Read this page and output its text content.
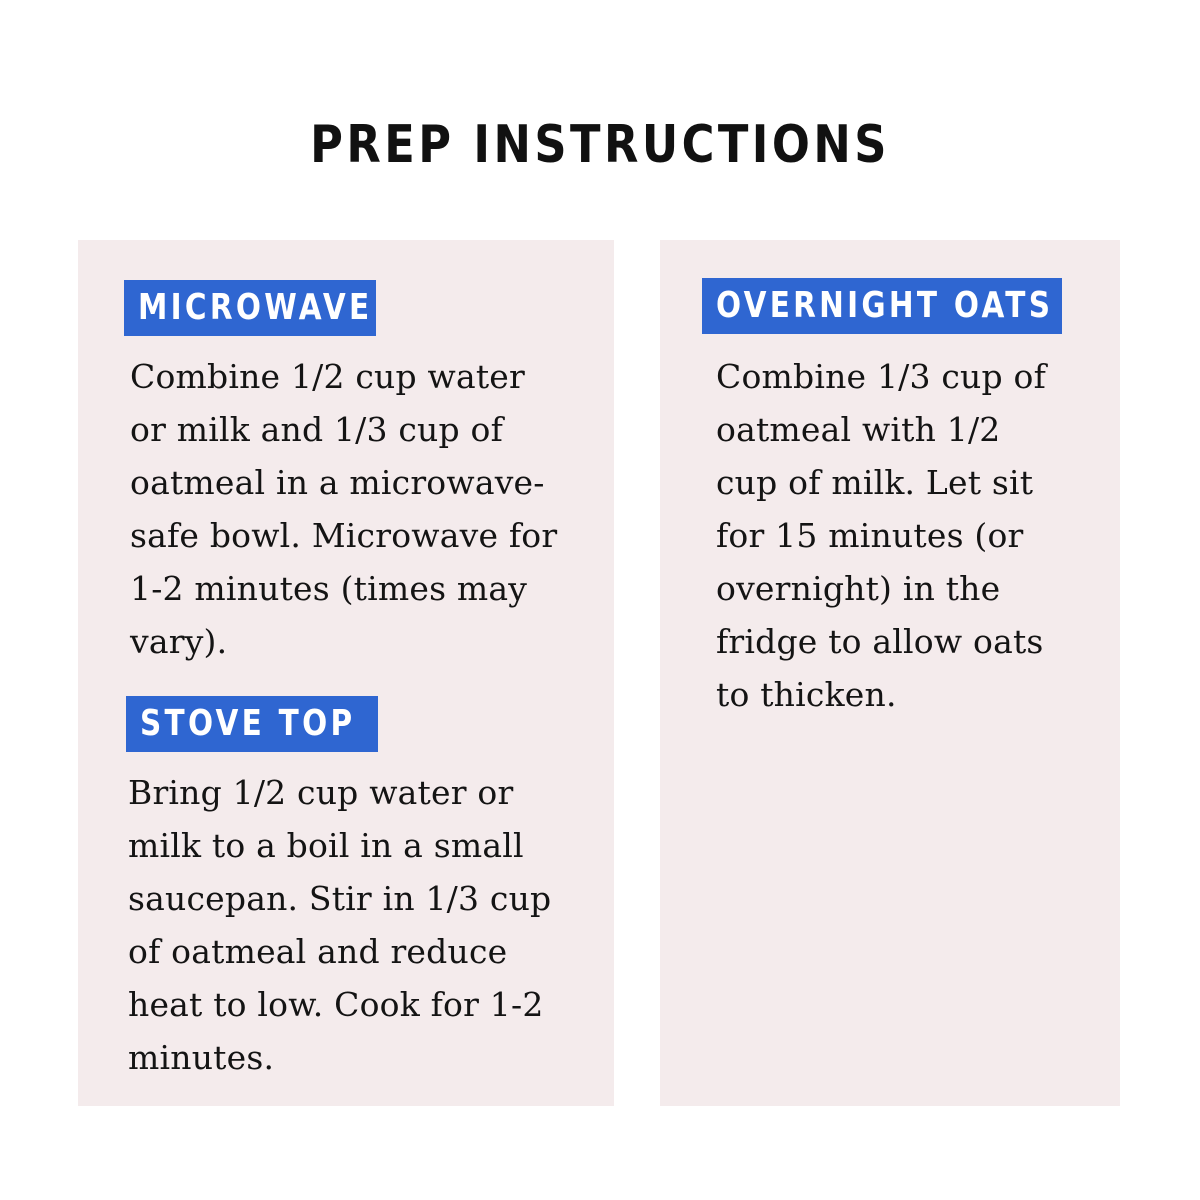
PREP INSTRUCTIONS
MICROWAVE
Combine 1/2 cup water
or milk and 1/3 cup of
oatmeal in a microwave-
safe bowl. Microwave for
1-2 minutes (times may
vary).
STOVE TOP
Bring 1/2 cup water or
milk to a boil in a small
saucepan. Stir in 1/3 cup
of oatmeal and reduce
heat to low. Cook for 1-2
minutes.
OVERNIGHT OATS
Combine 1/3 cup of
oatmeal with 1/2
cup of milk. Let sit
for 15 minutes (or
overnight) in the
fridge to allow oats
to thicken.
